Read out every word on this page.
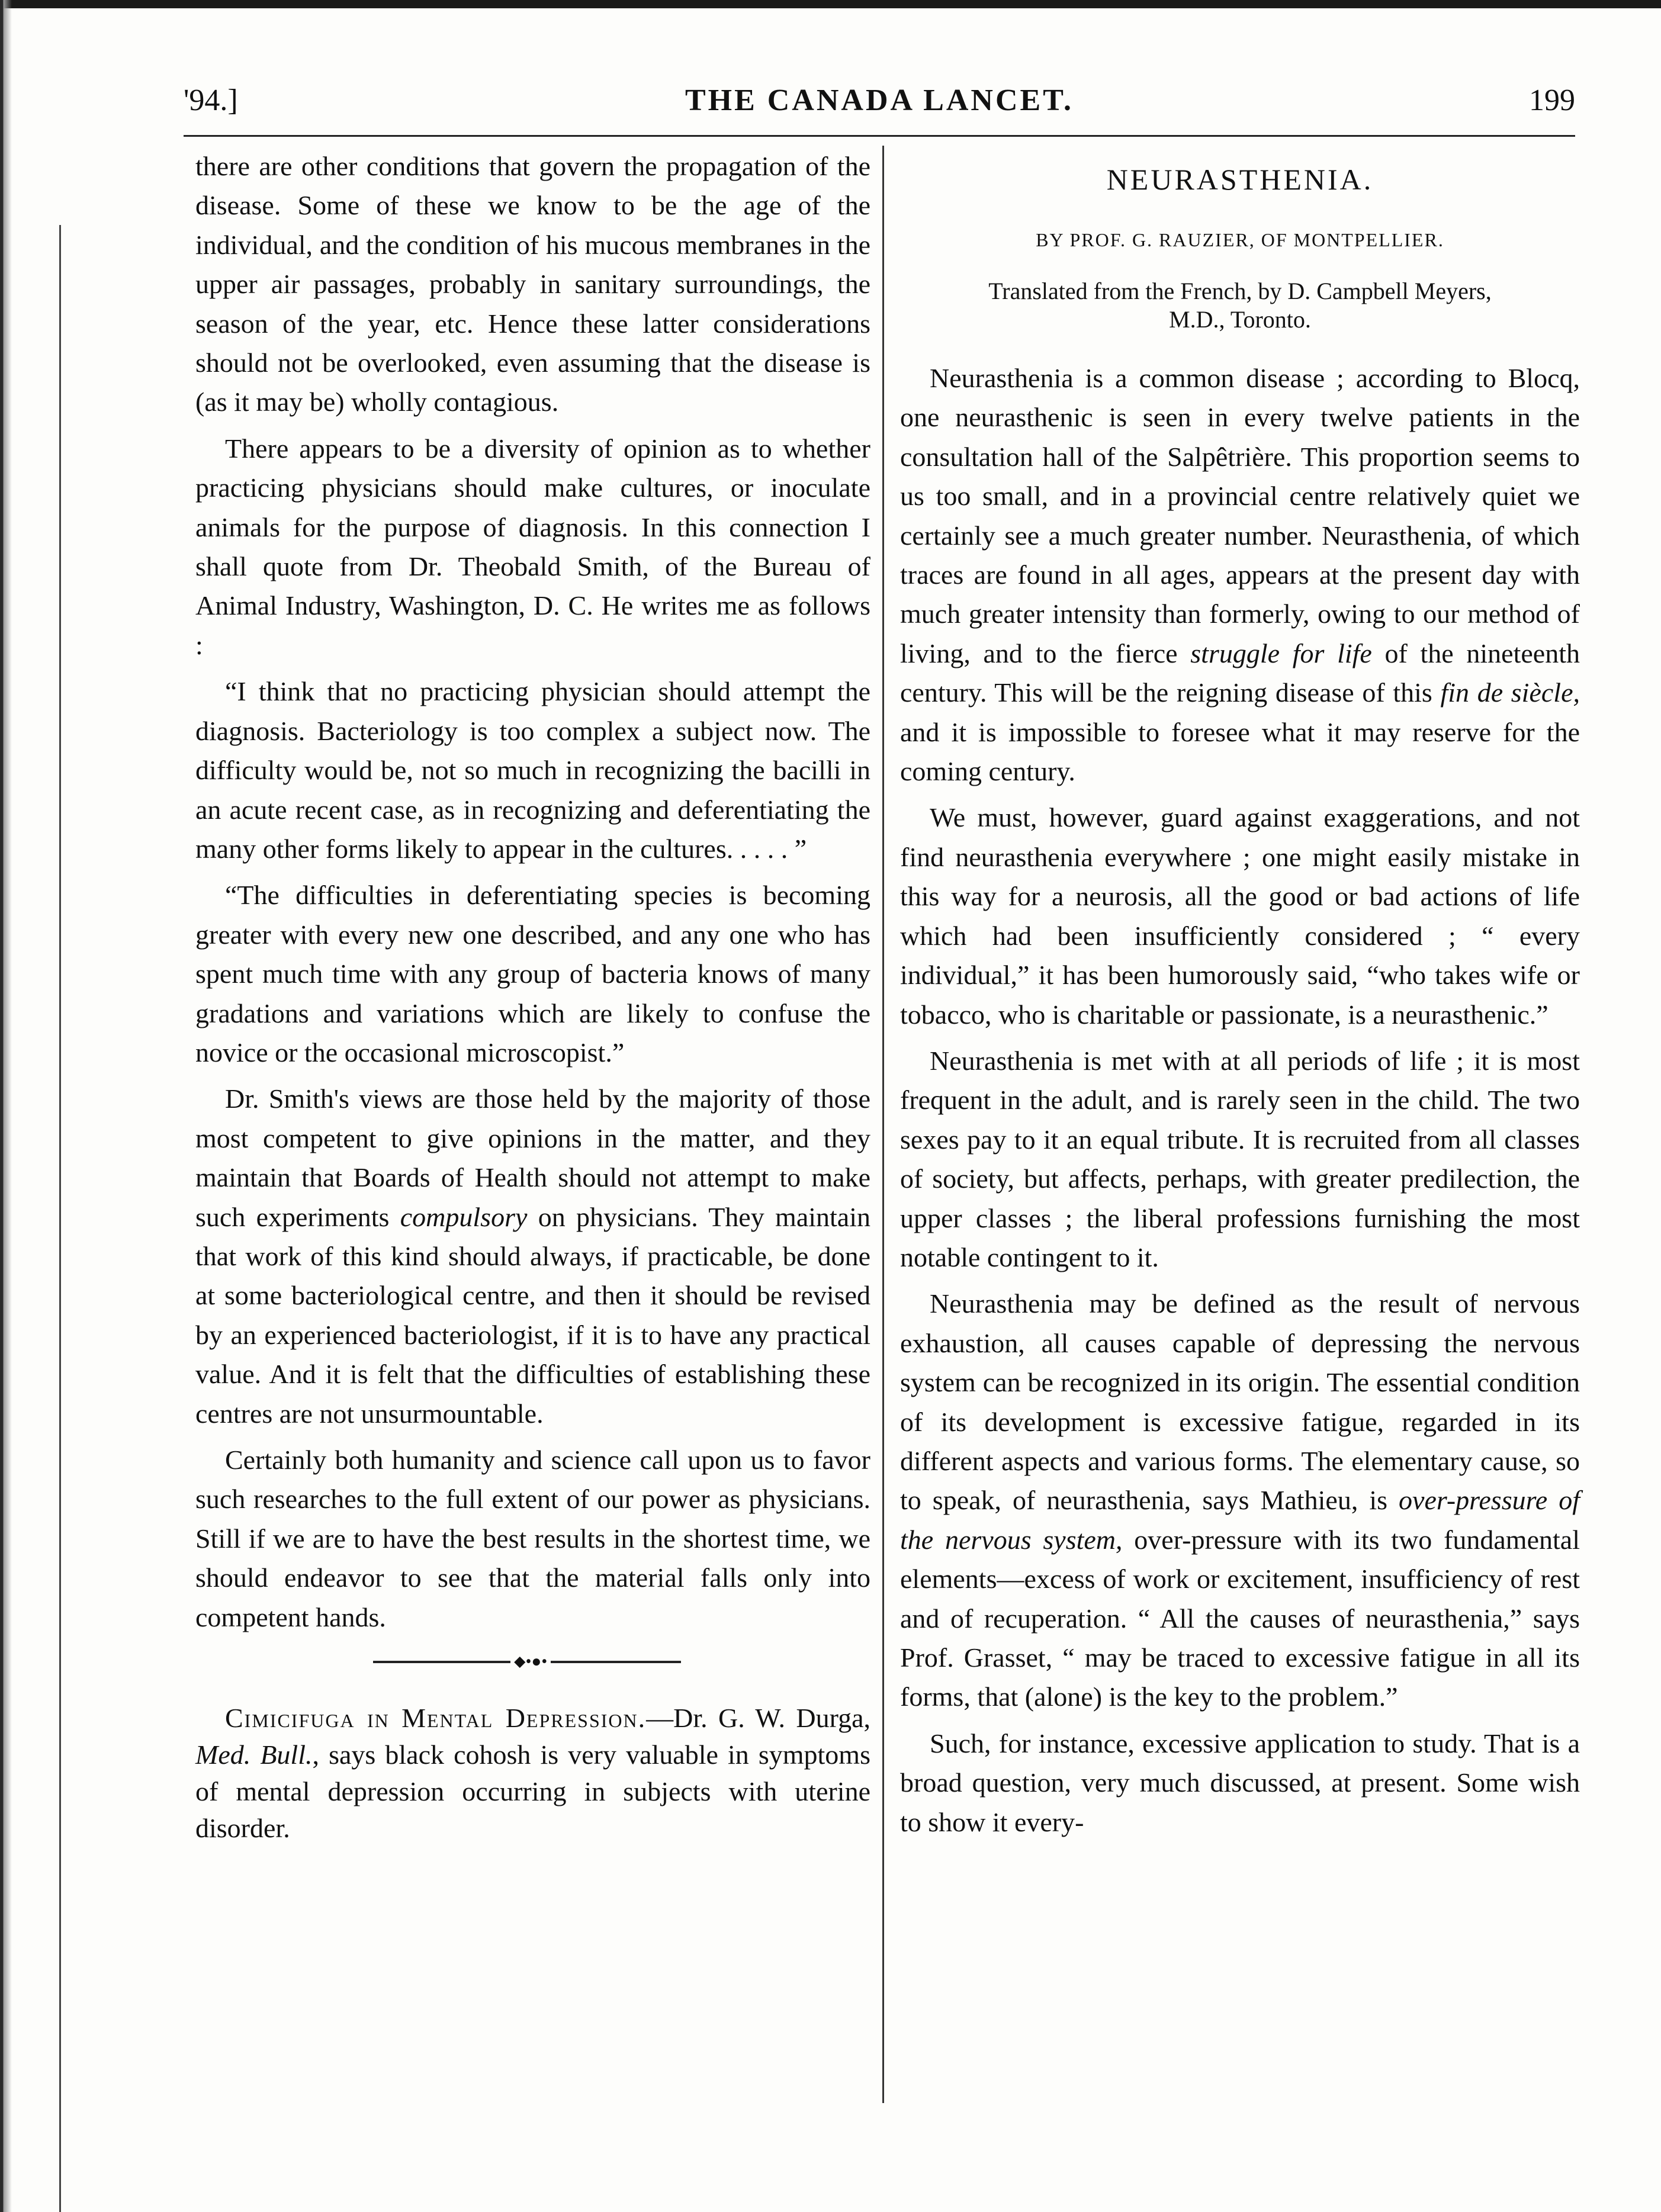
'94.]	THE CANADA LANCET.	199

there are other conditions that govern the propagation of the disease. Some of these we know to be the age of the individual, and the condition of his mucous membranes in the upper air passages, probably in sanitary surroundings, the season of the year, etc. Hence these latter considerations should not be overlooked, even assuming that the disease is (as it may be) wholly contagious.

There appears to be a diversity of opinion as to whether practicing physicians should make cultures, or inoculate animals for the purpose of diagnosis. In this connection I shall quote from Dr. Theobald Smith, of the Bureau of Animal Industry, Washington, D. C. He writes me as follows :

“I think that no practicing physician should attempt the diagnosis. Bacteriology is too complex a subject now. The difficulty would be, not so much in recognizing the bacilli in an acute recent case, as in recognizing and deferentiating the many other forms likely to appear in the cultures. . . . . ”

“The difficulties in deferentiating species is becoming greater with every new one described, and any one who has spent much time with any group of bacteria knows of many gradations and variations which are likely to confuse the novice or the occasional microscopist.”

Dr. Smith's views are those held by the majority of those most competent to give opinions in the matter, and they maintain that Boards of Health should not attempt to make such experiments compulsory on physicians. They maintain that work of this kind should always, if practicable, be done at some bacteriological centre, and then it should be revised by an experienced bacteriologist, if it is to have any practical value. And it is felt that the difficulties of establishing these centres are not unsurmountable.

Certainly both humanity and science call upon us to favor such researches to the full extent of our power as physicians. Still if we are to have the best results in the shortest time, we should endeavor to see that the material falls only into competent hands.

⬥•●•

Cimicifuga in Mental Depression.—Dr. G. W. Durga, Med. Bull., says black cohosh is very valuable in symptoms of mental depression occurring in subjects with uterine disorder.

NEURASTHENIA.
BY PROF. G. RAUZIER, OF MONTPELLIER.
Translated from the French, by D. Campbell Meyers,
M.D., Toronto.

Neurasthenia is a common disease ; according to Blocq, one neurasthenic is seen in every twelve patients in the consultation hall of the Salpêtrière. This proportion seems to us too small, and in a provincial centre relatively quiet we certainly see a much greater number. Neurasthenia, of which traces are found in all ages, appears at the present day with much greater intensity than formerly, owing to our method of living, and to the fierce struggle for life of the nineteenth century. This will be the reigning disease of this fin de siècle, and it is impossible to foresee what it may reserve for the coming century.

We must, however, guard against exaggerations, and not find neurasthenia everywhere ; one might easily mistake in this way for a neurosis, all the good or bad actions of life which had been insufficiently considered ; “ every individual,” it has been humorously said, “who takes wife or tobacco, who is charitable or passionate, is a neurasthenic.”

Neurasthenia is met with at all periods of life ; it is most frequent in the adult, and is rarely seen in the child. The two sexes pay to it an equal tribute. It is recruited from all classes of society, but affects, perhaps, with greater predilection, the upper classes ; the liberal professions furnishing the most notable contingent to it.

Neurasthenia may be defined as the result of nervous exhaustion, all causes capable of depressing the nervous system can be recognized in its origin. The essential condition of its development is excessive fatigue, regarded in its different aspects and various forms. The elementary cause, so to speak, of neurasthenia, says Mathieu, is over-pressure of the nervous system, over-pressure with its two fundamental elements—excess of work or excitement, insufficiency of rest and of recuperation. “ All the causes of neurasthenia,” says Prof. Grasset, “ may be traced to excessive fatigue in all its forms, that (alone) is the key to the problem.”

Such, for instance, excessive application to study. That is a broad question, very much discussed, at present. Some wish to show it every-
